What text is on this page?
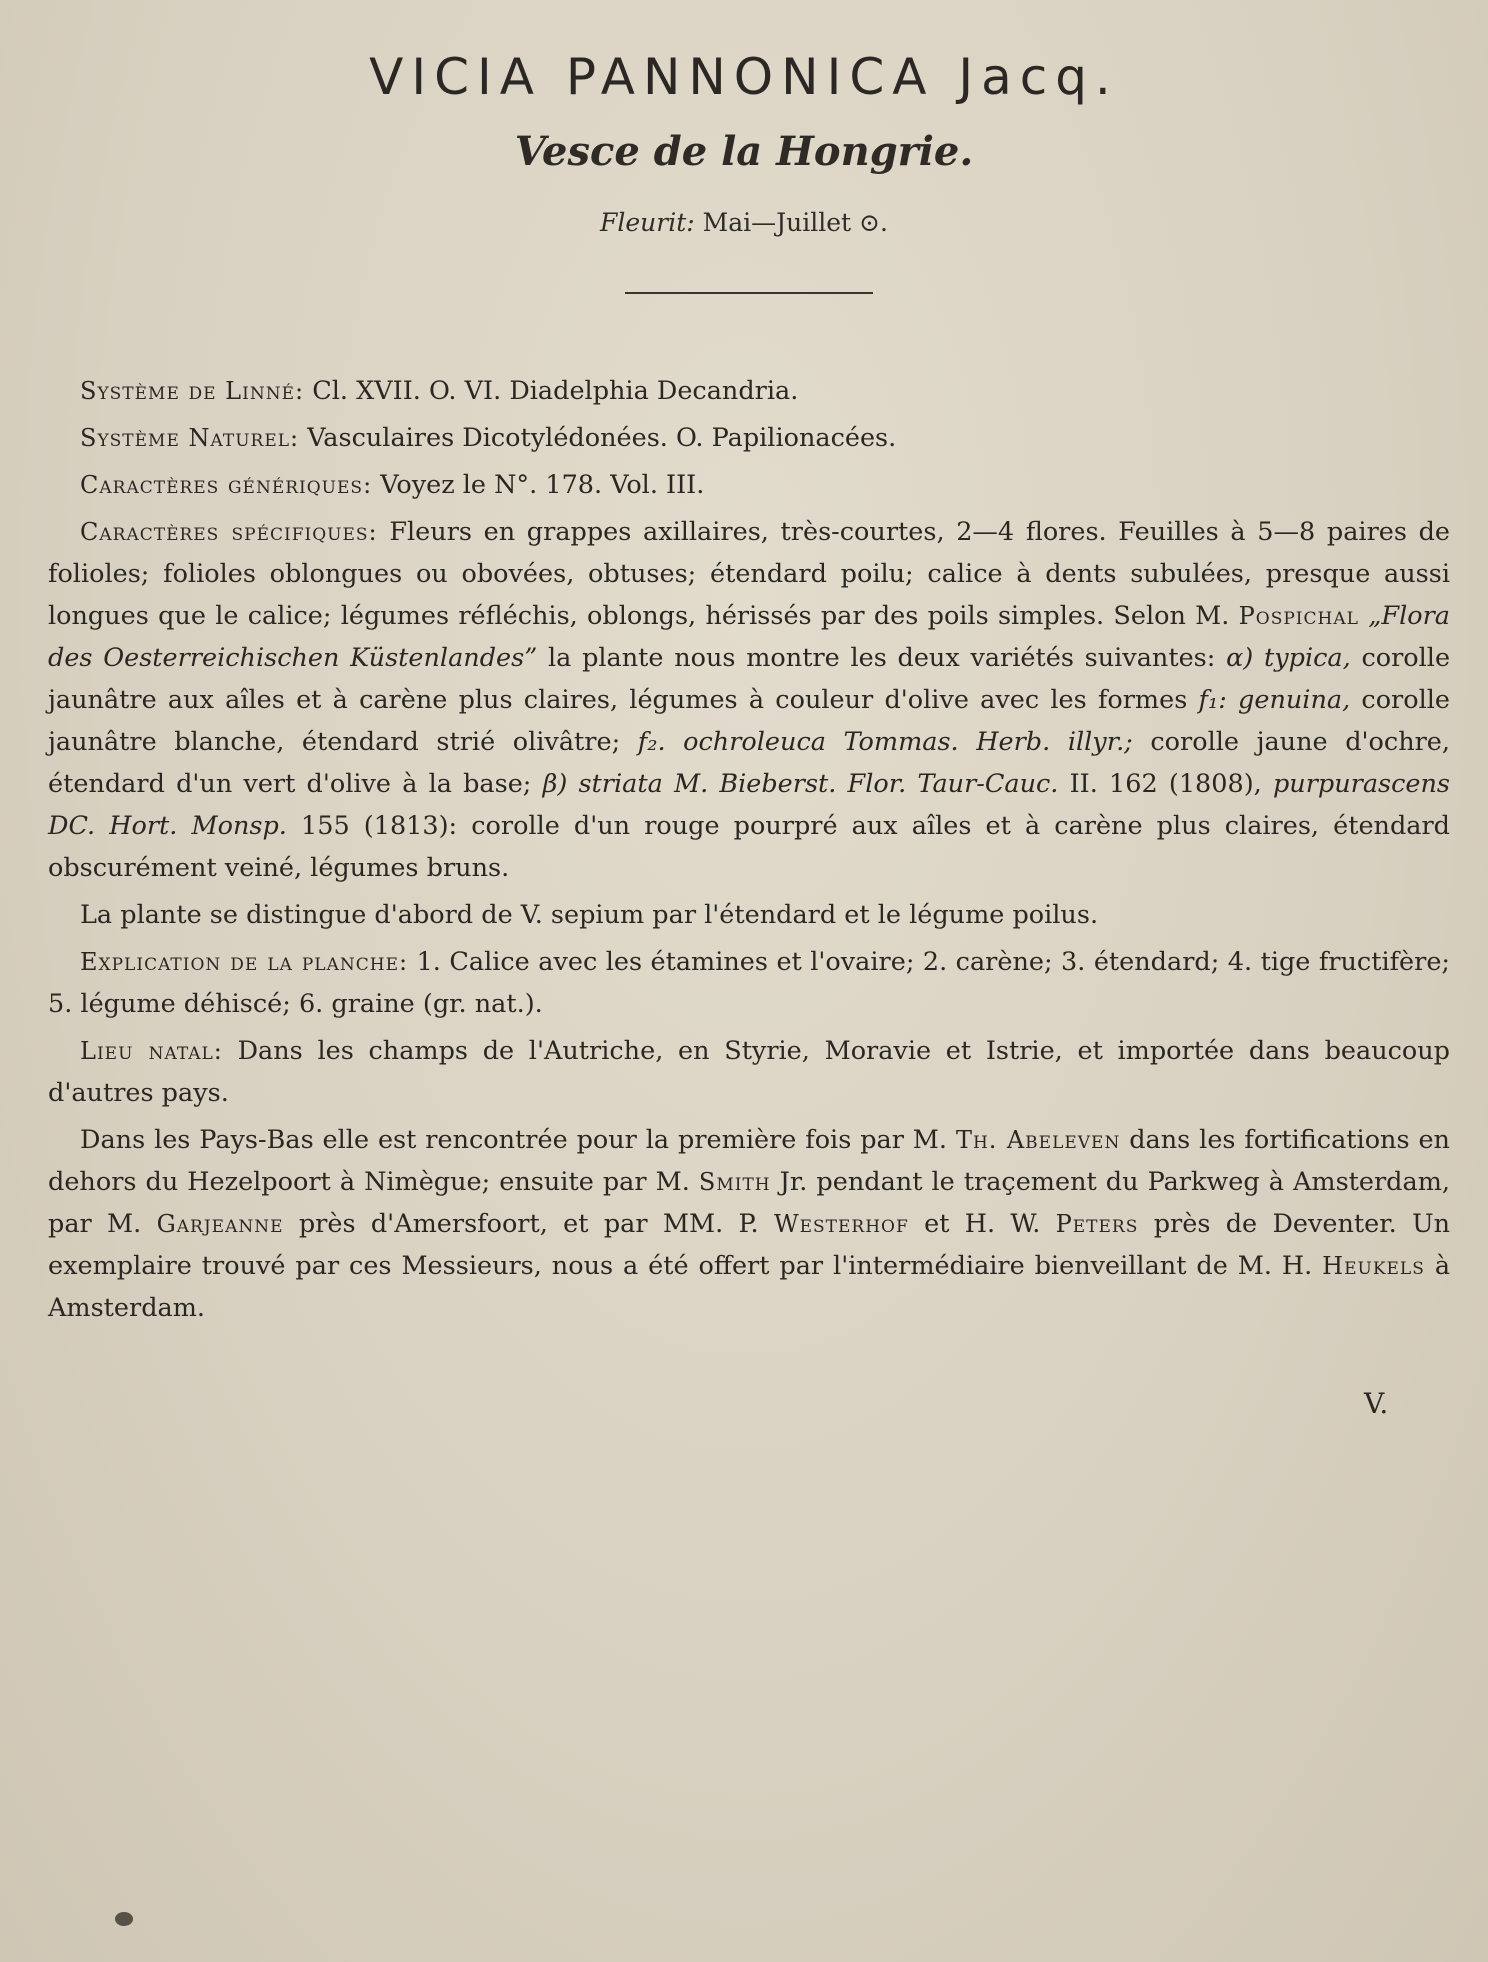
VICIA PANNONICA Jacq.
Vesce de la Hongrie.
Fleurit: Mai—Juillet ⊙.

Système de Linné: Cl. XVII. O. VI. Diadelphia Decandria.

Système Naturel: Vasculaires Dicotylédonées. O. Papilionacées.

Caractères génériques: Voyez le N°. 178. Vol. III.

Caractères spécifiques: Fleurs en grappes axillaires, très-courtes, 2—4 flores. Feuilles à 5—8 paires de folioles; folioles oblongues ou obovées, obtuses; étendard poilu; calice à dents subulées, presque aussi longues que le calice; légumes réfléchis, oblongs, hérissés par des poils simples. Selon M. Pospichal „Flora des Oesterreichischen Küstenlandes” la plante nous montre les deux variétés suivantes: α) typica, corolle jaunâtre aux aîles et à carène plus claires, légumes à couleur d'olive avec les formes f₁: genuina, corolle jaunâtre blanche, étendard strié olivâtre; f₂. ochroleuca Tommas. Herb. illyr.; corolle jaune d'ochre, étendard d'un vert d'olive à la base; β) striata M. Bieberst. Flor. Taur-Cauc. II. 162 (1808), purpurascens DC. Hort. Monsp. 155 (1813): corolle d'un rouge pourpré aux aîles et à carène plus claires, étendard obscurément veiné, légumes bruns.

La plante se distingue d'abord de V. sepium par l'étendard et le légume poilus.

Explication de la planche: 1. Calice avec les étamines et l'ovaire; 2. carène; 3. étendard; 4. tige fructifère; 5. légume déhiscé; 6. graine (gr. nat.).

Lieu natal: Dans les champs de l'Autriche, en Styrie, Moravie et Istrie, et importée dans beaucoup d'autres pays.

Dans les Pays-Bas elle est rencontrée pour la première fois par M. Th. Abeleven dans les fortifications en dehors du Hezelpoort à Nimègue; ensuite par M. Smith Jr. pendant le traçement du Parkweg à Amsterdam, par M. Garjeanne près d'Amersfoort, et par MM. P. Westerhof et H. W. Peters près de Deventer. Un exemplaire trouvé par ces Messieurs, nous a été offert par l'intermédiaire bienveillant de M. H. Heukels à Amsterdam.

V.
